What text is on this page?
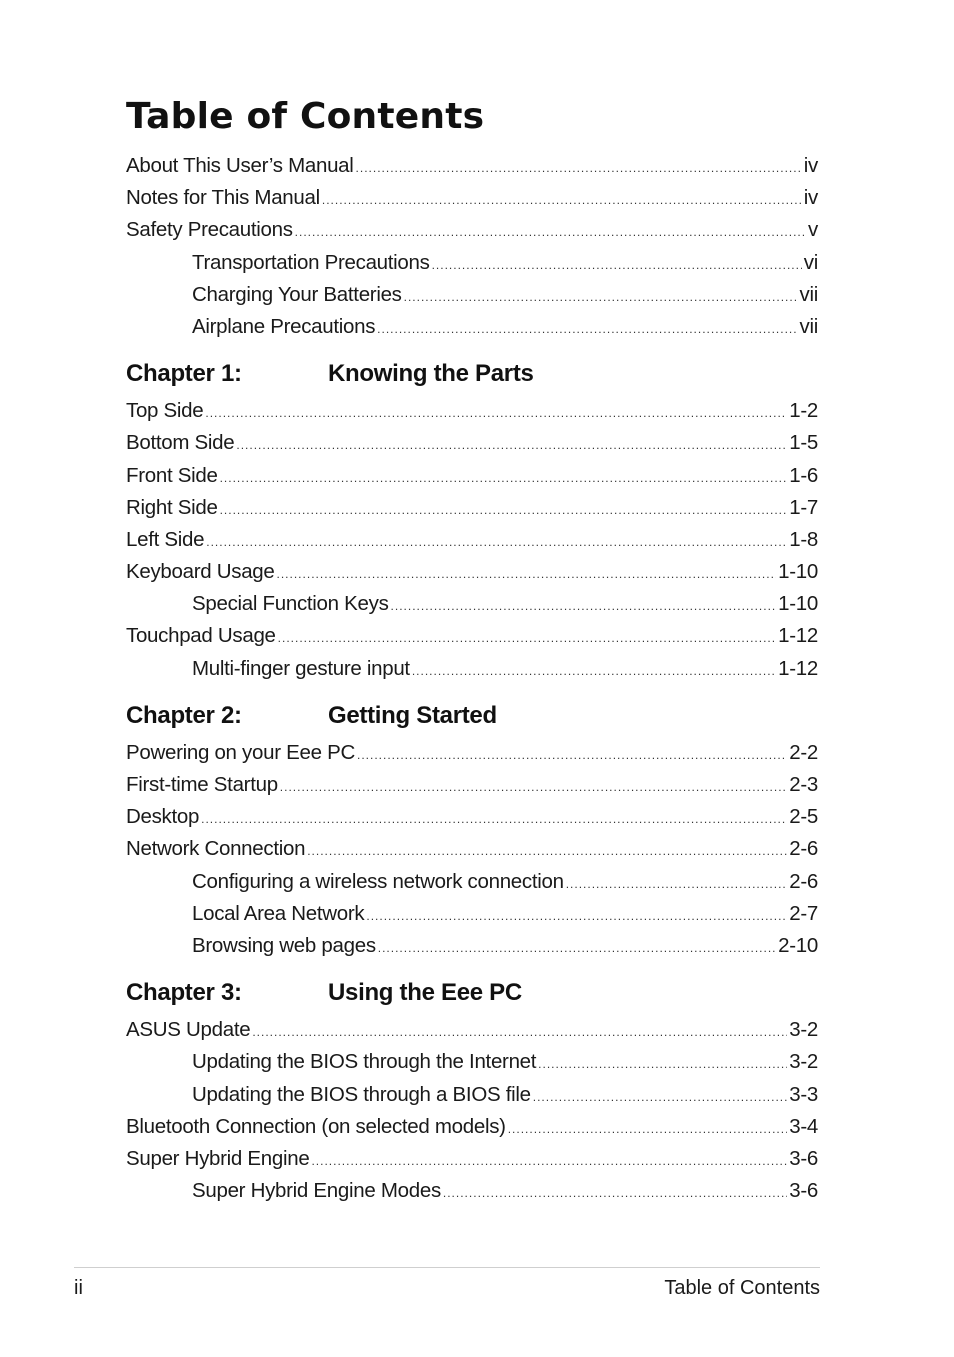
Table of Contents
About This User’s Manual .....	iv
Notes for This Manual .....	iv
Safety Precautions .....	v
Transportation Precautions .....	vi
Charging Your Batteries .....	vii
Airplane Precautions .....	vii
Chapter 1:	Knowing the Parts
Top Side .....	1-2
Bottom Side .....	1-5
Front Side .....	1-6
Right Side .....	1-7
Left Side .....	1-8
Keyboard Usage .....	1-10
Special Function Keys .....	1-10
Touchpad Usage .....	1-12
Multi-finger gesture input .....	1-12
Chapter 2:	Getting Started
Powering on your Eee PC .....	2-2
First-time Startup .....	2-3
Desktop .....	2-5
Network Connection .....	2-6
Configuring a wireless network connection .....	2-6
Local Area Network .....	2-7
Browsing web pages .....	2-10
Chapter 3:	Using the Eee PC
ASUS Update .....	3-2
Updating the BIOS through the Internet .....	3-2
Updating the BIOS through a BIOS file .....	3-3
Bluetooth Connection (on selected models) .....	3-4
Super Hybrid Engine .....	3-6
Super Hybrid Engine Modes .....	3-6
ii	Table of Contents
